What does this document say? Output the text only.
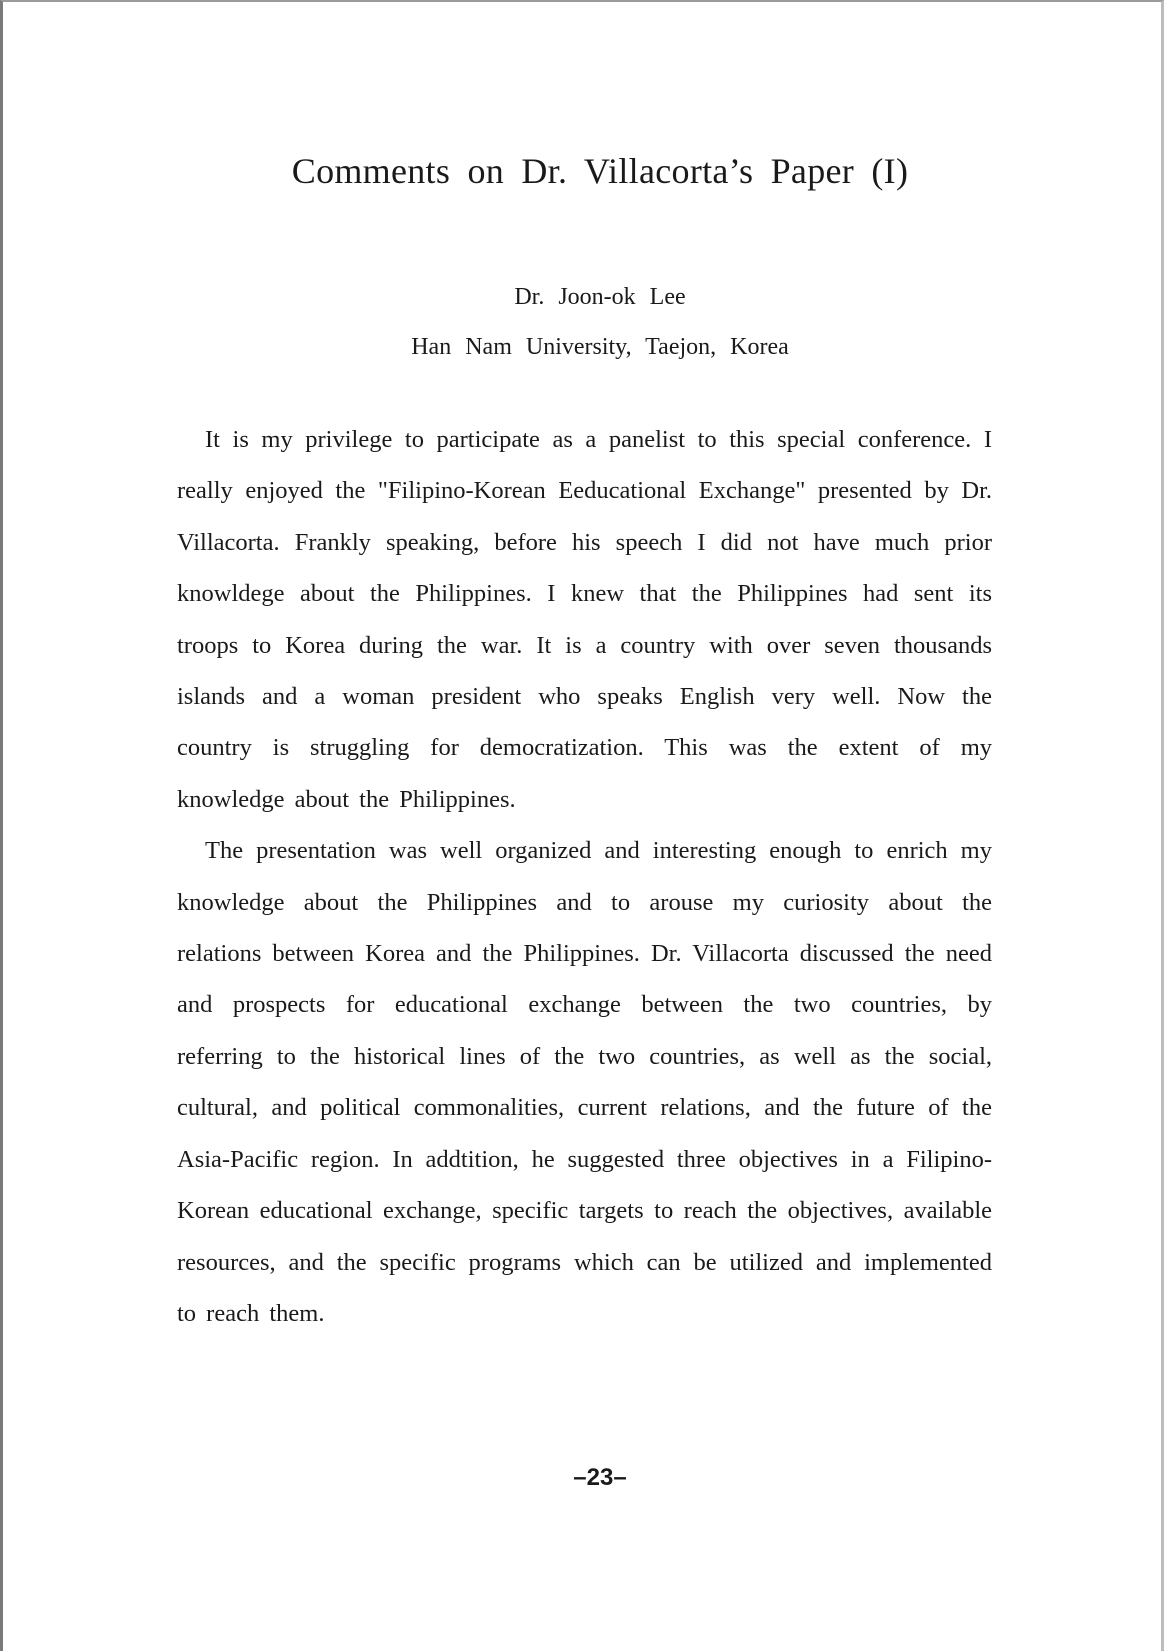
Comments on Dr. Villacorta’s Paper (I)
Dr. Joon-ok Lee
Han Nam University, Taejon, Korea

It is my privilege to participate as a panelist to this special conference. I really enjoyed the "Filipino-Korean Eeducational Exchange" presented by Dr. Villacorta. Frankly speaking, before his speech I did not have much prior knowldege about the Philippines. I knew that the Philippines had sent its troops to Korea during the war. It is a country with over seven thousands islands and a woman president who speaks English very well. Now the country is struggling for democratization. This was the extent of my knowledge about the Philippines.

The presentation was well organized and interesting enough to enrich my knowledge about the Philippines and to arouse my curiosity about the relations between Korea and the Philippines. Dr. Villacorta discussed the need and prospects for educational exchange between the two countries, by referring to the historical lines of the two countries, as well as the social, cultural, and political commonalities, current relations, and the future of the Asia-Pacific region. In addtition, he suggested three objectives in a Filipino-Korean educational exchange, specific targets to reach the objectives, available resources, and the specific programs which can be utilized and implemented to reach them.

–23–
